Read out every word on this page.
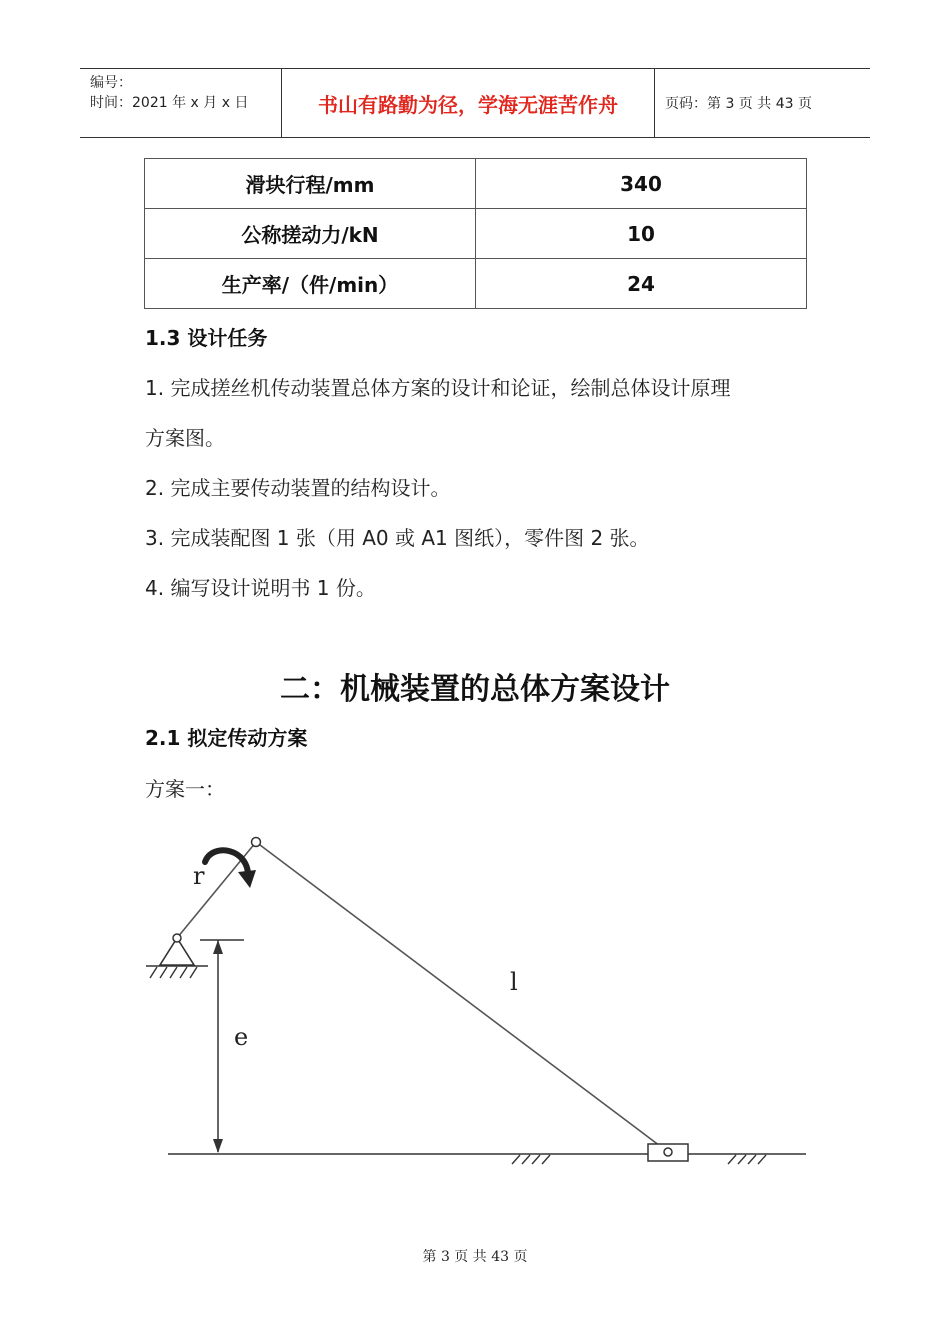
编号：
时间：2021 年 x 月 x 日	书山有路勤为径，学海无涯苦作舟	页码：第 3 页 共 43 页
滑块行程/mm	340
公称搓动力/kN	10
生产率/（件/min）	24
1.3 设计任务
1. 完成搓丝机传动装置总体方案的设计和论证，绘制总体设计原理
方案图。
2. 完成主要传动装置的结构设计。
3. 完成装配图 1 张（用 A0 或 A1 图纸），零件图 2 张。
4. 编写设计说明书 1 份。
二：机械装置的总体方案设计
2.1 拟定传动方案
方案一：
r
l
e
第 3 页 共 43 页
